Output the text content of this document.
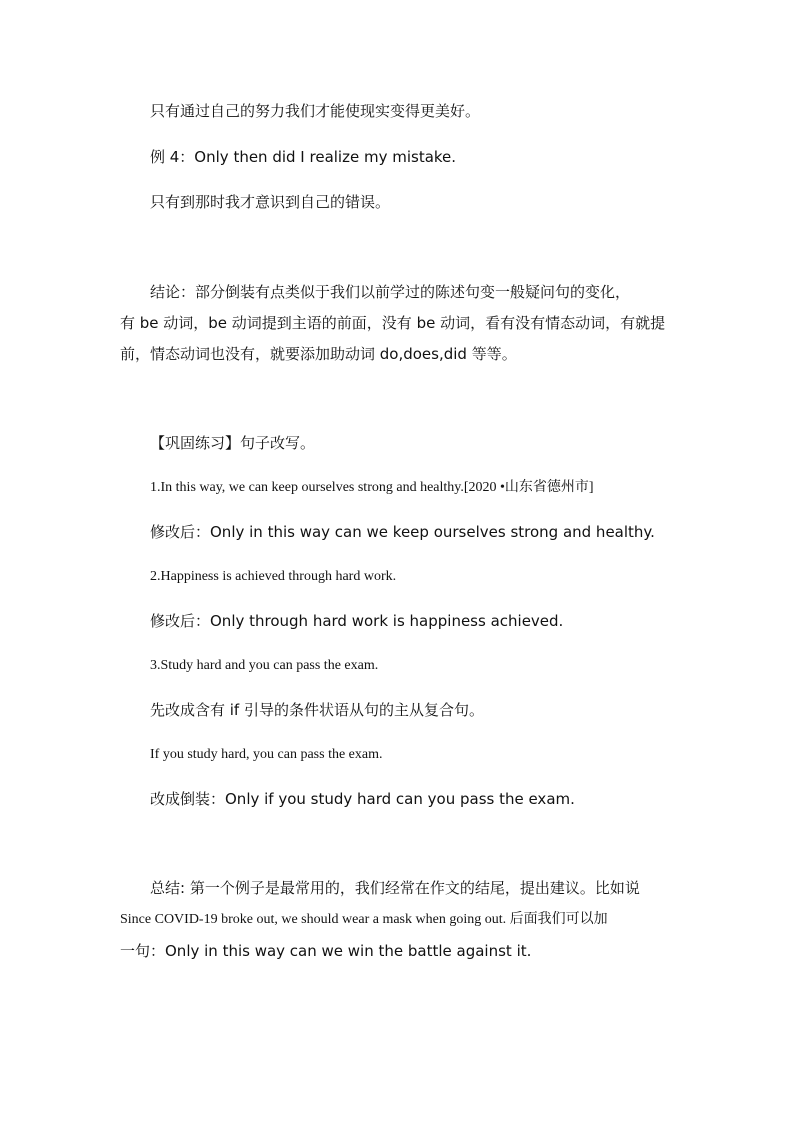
只有通过自己的努力我们才能使现实变得更美好。
例 4：Only then did I realize my mistake.
只有到那时我才意识到自己的错误。
结论：部分倒装有点类似于我们以前学过的陈述句变一般疑问句的变化，
有 be 动词，be 动词提到主语的前面，没有 be 动词，看有没有情态动词，有就提
前，情态动词也没有，就要添加助动词 do,does,did 等等。
【巩固练习】句子改写。
1.In this way, we can keep ourselves strong and healthy.[2020 •山东省德州市]
修改后：Only in this way can we keep ourselves strong and healthy.
2.Happiness is achieved through hard work.
修改后：Only through hard work is happiness achieved.
3.Study hard and you can pass the exam.
先改成含有 if 引导的条件状语从句的主从复合句。
If you study hard, you can pass the exam.
改成倒装：Only if you study hard can you pass the exam.
总结: 第一个例子是最常用的，我们经常在作文的结尾，提出建议。比如说
Since COVID-19 broke out, we should wear a mask when going out. 后面我们可以加
一句：Only in this way can we win the battle against it.
